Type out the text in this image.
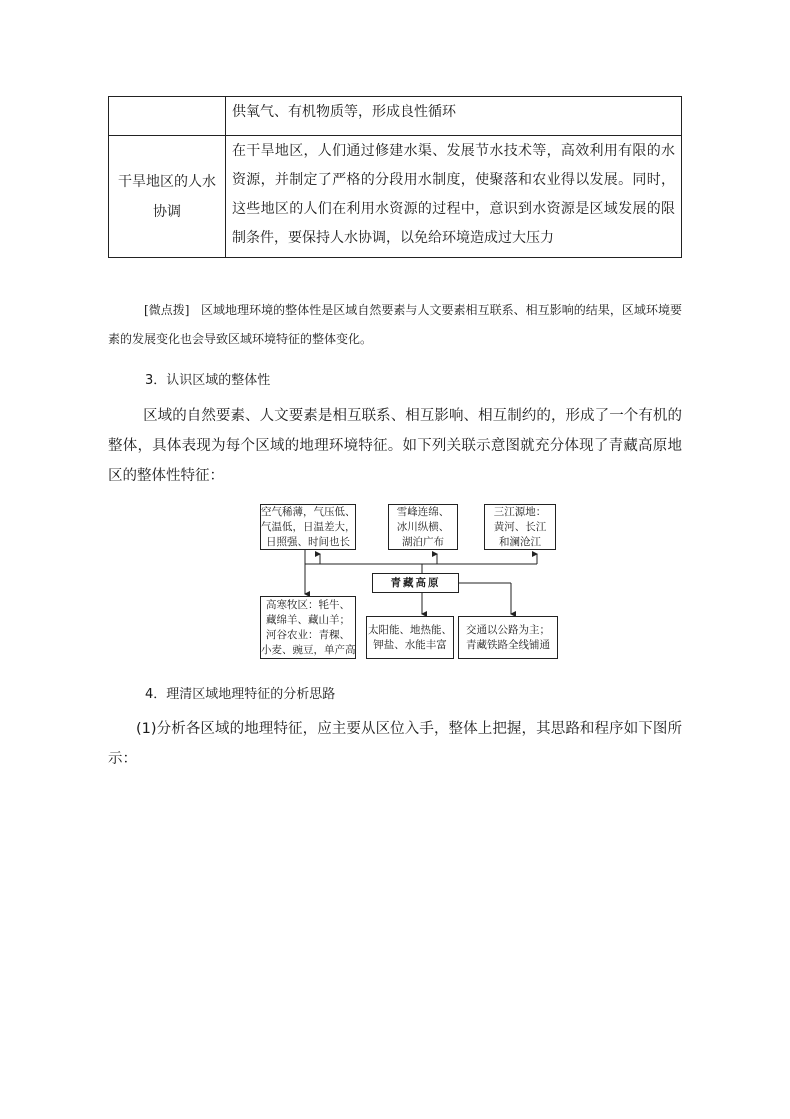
	供氧气、有机物质等，形成良性循环
干旱地区的人水协调	在干旱地区，人们通过修建水渠、发展节水技术等，高效利用有限的水资源，并制定了严格的分段用水制度，使聚落和农业得以发展。同时，这些地区的人们在利用水资源的过程中，意识到水资源是区域发展的限制条件，要保持人水协调，以免给环境造成过大压力
[微点拨] 区域地理环境的整体性是区域自然要素与人文要素相互联系、相互影响的结果，区域环境要素的发展变化也会导致区域环境特征的整体变化。
3．认识区域的整体性
区域的自然要素、人文要素是相互联系、相互影响、相互制约的，形成了一个有机的整体，具体表现为每个区域的地理环境特征。如下列关联示意图就充分体现了青藏高原地区的整体性特征：
空气稀薄，气压低、
气温低，日温差大，
日照强、时间也长
雪峰连绵、
冰川纵横、
湖泊广布
三江源地：
黄河、长江
和澜沧江
青藏高原
高寒牧区：牦牛、
藏绵羊、藏山羊；
河谷农业：青稞、
小麦、豌豆，单产高
太阳能、地热能、
钾盐、水能丰富
交通以公路为主；
青藏铁路全线铺通
4．理清区域地理特征的分析思路
(1)分析各区域的地理特征，应主要从区位入手，整体上把握，其思路和程序如下图所示：
